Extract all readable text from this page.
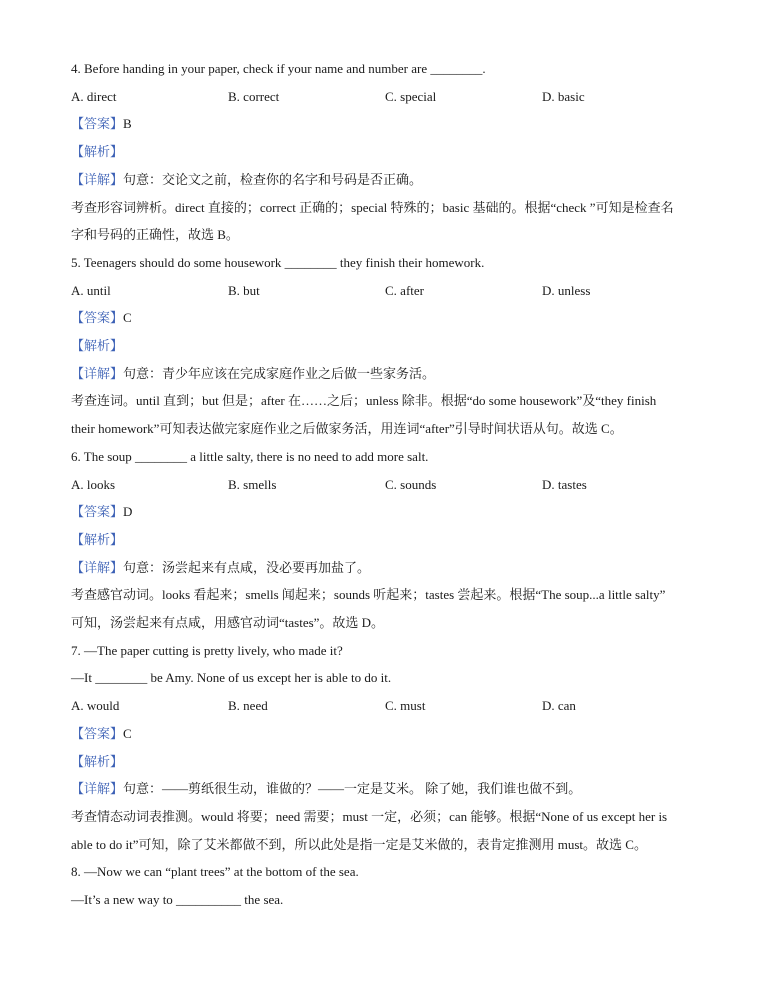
4. Before handing in your paper, check if your name and number are ________.
A. direct	B. correct	C. special	D. basic
【答案】B
【解析】
【详解】句意：交论文之前，检查你的名字和号码是否正确。
考查形容词辨析。direct 直接的；correct 正确的；special 特殊的；basic 基础的。根据“check ”可知是检查名
字和号码的正确性，故选 B。
5. Teenagers should do some housework ________ they finish their homework.
A. until	B. but	C. after	D. unless
【答案】C
【解析】
【详解】句意：青少年应该在完成家庭作业之后做一些家务活。
考查连词。until 直到；but 但是；after 在……之后；unless 除非。根据“do some housework”及“they finish
their homework”可知表达做完家庭作业之后做家务活，用连词“after”引导时间状语从句。故选 C。
6. The soup ________ a little salty, there is no need to add more salt.
A. looks	B. smells	C. sounds	D. tastes
【答案】D
【解析】
【详解】句意：汤尝起来有点咸，没必要再加盐了。
考查感官动词。looks 看起来；smells 闻起来；sounds 听起来；tastes 尝起来。根据“The soup...a little salty”
可知，汤尝起来有点咸，用感官动词“tastes”。故选 D。
7. —The paper cutting is pretty lively, who made it?
—It ________ be Amy. None of us except her is able to do it.
A. would	B. need	C. must	D. can
【答案】C
【解析】
【详解】句意：——剪纸很生动，谁做的？——一定是艾米。 除了她，我们谁也做不到。
考查情态动词表推测。would 将要；need 需要；must 一定，必须；can 能够。根据“None of us except her is
able to do it”可知，除了艾米都做不到，所以此处是指一定是艾米做的，表肯定推测用 must。故选 C。
8. —Now we can “plant trees” at the bottom of the sea.
—It’s a new way to __________ the sea.
